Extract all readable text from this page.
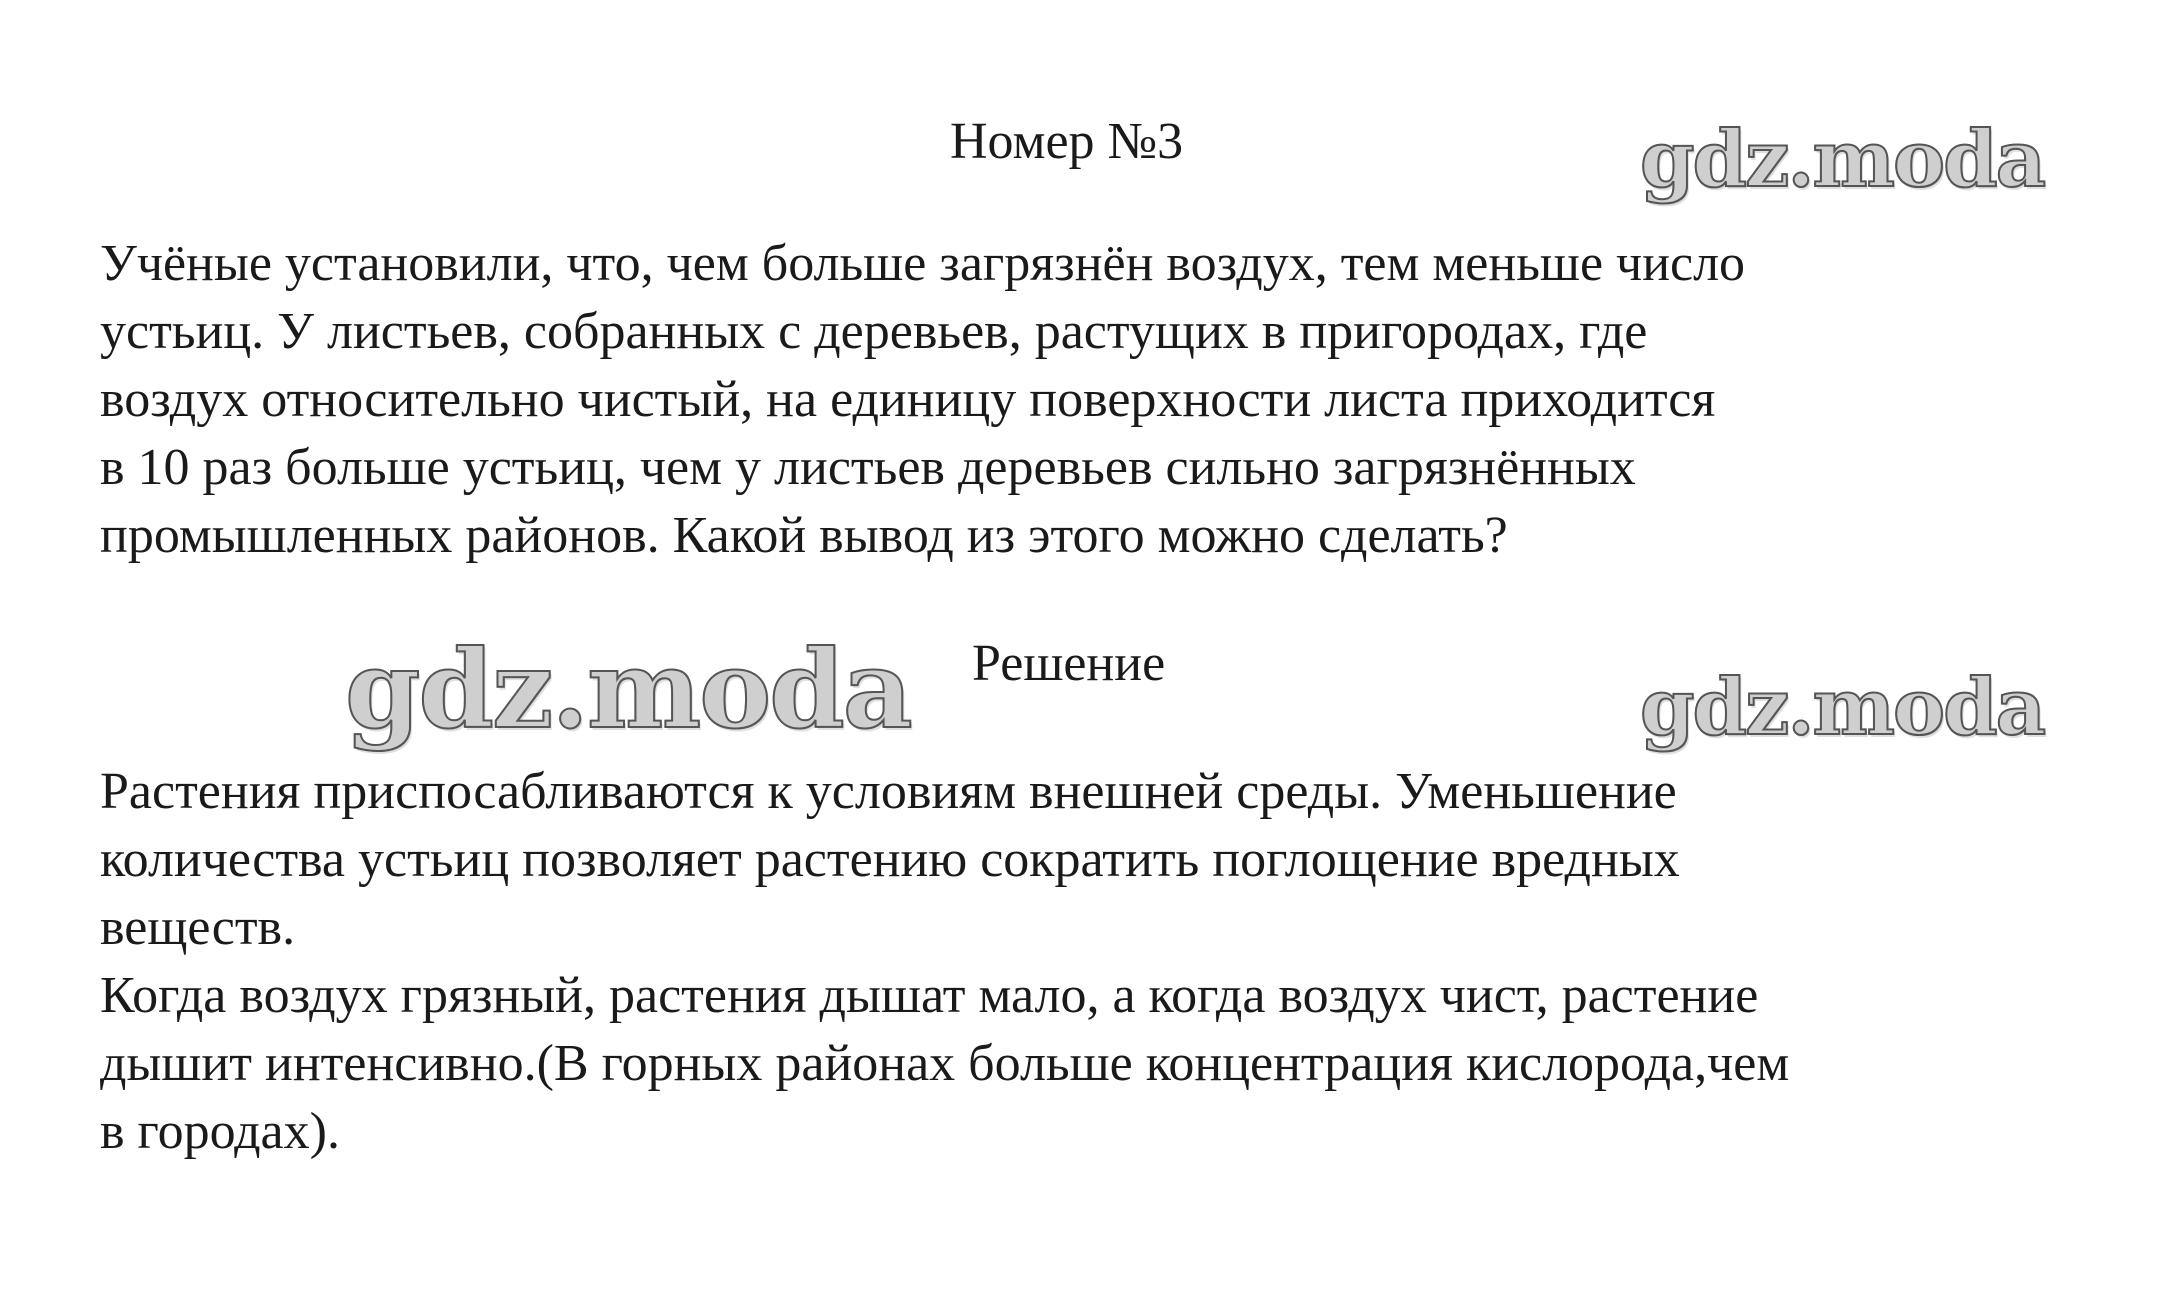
Номер №3	gdz.moda
Учёные установили, что, чем больше загрязнён воздух, тем меньше число
устьиц. У листьев, собранных с деревьев, растущих в пригородах, где
воздух относительно чистый, на единицу поверхности листа приходится
в 10 раз больше устьиц, чем у листьев деревьев сильно загрязнённых
промышленных районов. Какой вывод из этого можно сделать?
gdz.moda Решение	gdz.moda
Растения приспосабливаются к условиям внешней среды. Уменьшение
количества устьиц позволяет растению сократить поглощение вредных
веществ.
Когда воздух грязный, растения дышат мало, а когда воздух чист, растение
дышит интенсивно.(В горных районах больше концентрация кислорода,чем
в городах).
